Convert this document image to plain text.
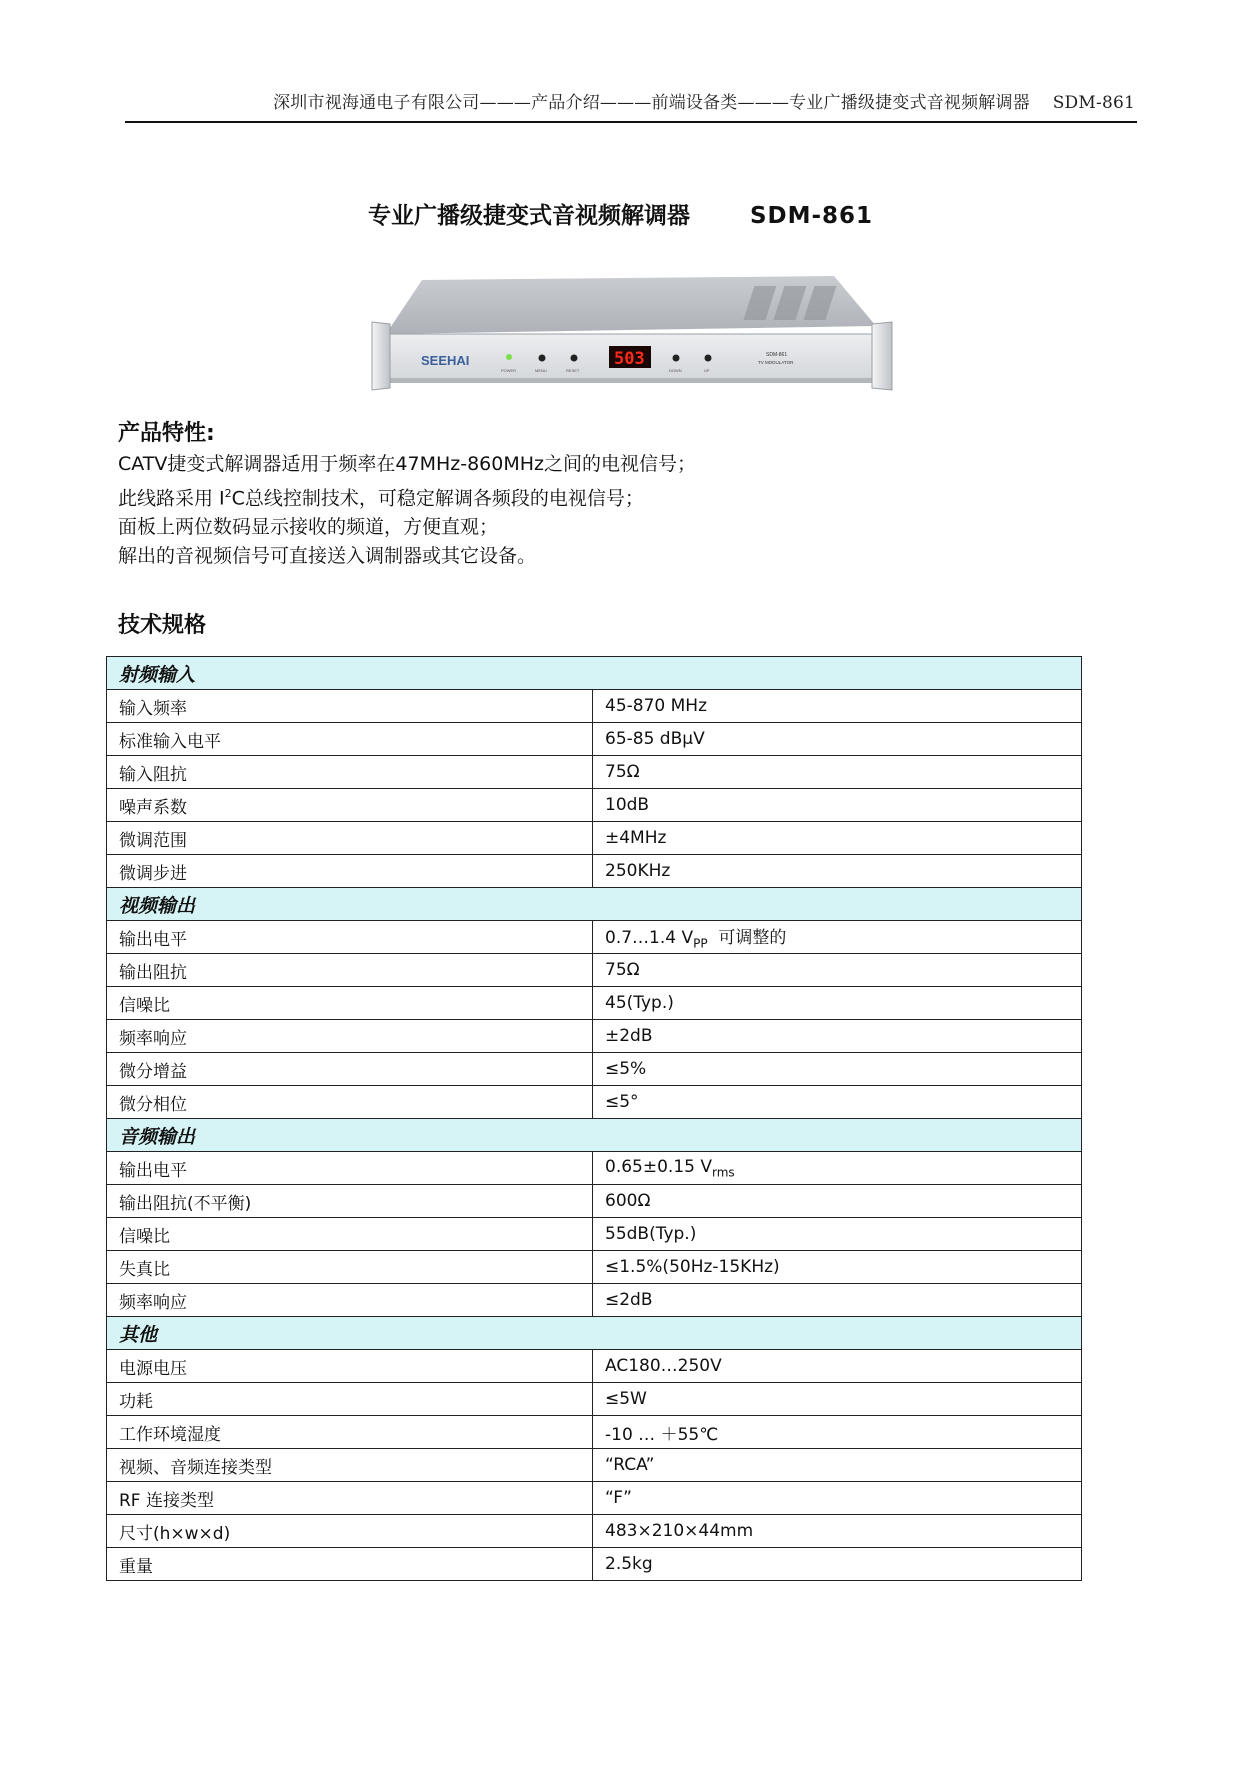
深圳市视海通电子有限公司———产品介绍———前端设备类———专业广播级捷变式音视频解调器　 SDM-861
专业广播级捷变式音视频解调器	SDM-861
SEEHAI
POWER	MENU	RESET
503
DOWN	UP
SDM-861
TV MODULATOR
产品特性:
CATV捷变式解调器适用于频率在47MHz-860MHz之间的电视信号；
此线路采用 $I^2C$总线控制技术，可稳定解调各频段的电视信号；
面板上两位数码显示接收的频道，方便直观；
解出的音视频信号可直接送入调制器或其它设备。
技术规格
射频输入	
输入频率	45-870 MHz
标准输入电平	65-85 dBμV
输入阻抗	75Ω
噪声系数	10dB
微调范围	±4MHz
微调步进	250KHz
视频输出	
输出电平	0.7…1.4 $V_{PP}$  可调整的
输出阻抗	75Ω
信噪比	45(Typ.)
频率响应	±2dB
微分增益	≤5%
微分相位	≤5°
音频输出	
输出电平	0.65±0.15 $V_{rms}$
输出阻抗(不平衡)	600Ω
信噪比	55dB(Typ.)
失真比	≤1.5%(50Hz-15KHz)
频率响应	≤2dB
其他	
电源电压	AC180…250V
功耗	≤5W
工作环境湿度	-10 … ＋55℃
视频、音频连接类型	“RCA”
RF 连接类型	“F”
尺寸(h×w×d)	483×210×44mm
重量	2.5kg
